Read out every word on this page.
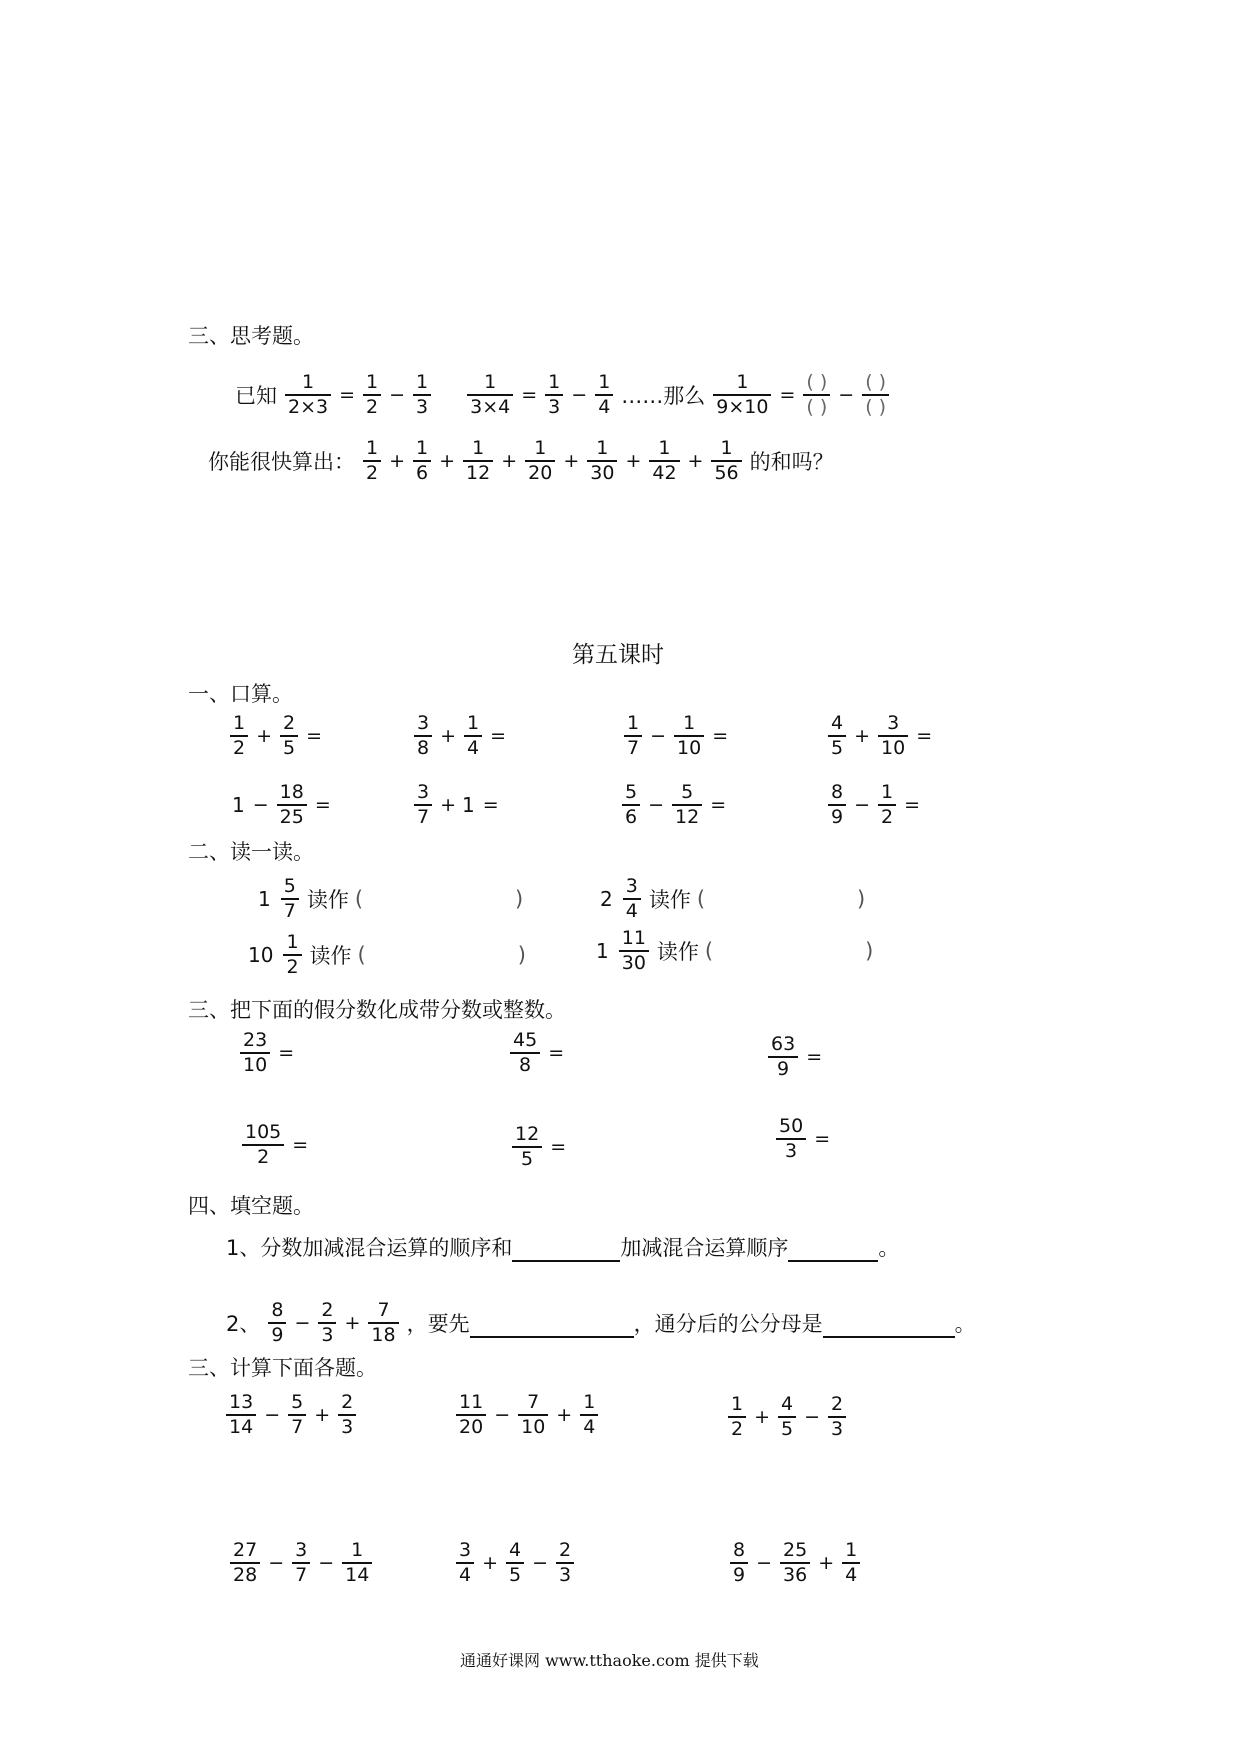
三、思考题。
已知 $\frac{1}{2\times 3} = \frac{1}{2} - \frac{1}{3} \frac{1}{3\times 4} = \frac{1}{3} - \frac{1}{4}$ ……那么 $\frac{1}{9\times 10} = \frac{( )}{( )} - \frac{( )}{( )}$
你能很快算出： $\frac{1}{2} + \frac{1}{6} + \frac{1}{12} + \frac{1}{20} + \frac{1}{30} + \frac{1}{42} + \frac{1}{56}$ 的和吗？
第五课时
一、口算。
$\frac{1}{2} + \frac{2}{5}$ =	$\frac{3}{8} + \frac{1}{4}$ =	$\frac{1}{7} - \frac{1}{10}$ =	$\frac{4}{5} + \frac{3}{10}$ =
$1 - \frac{18}{25}$ =	$\frac{3}{7} + 1$ =	$\frac{5}{6} - \frac{5}{12}$ =	$\frac{8}{9} - \frac{1}{2}$ =
二、读一读。
$1 \frac{5}{7}$ 读作 (	)	$2 \frac{3}{4}$ 读作 (	)
$10 \frac{1}{2}$ 读作 (	)	$1 \frac{11}{30}$ 读作 (	)
三、把下面的假分数化成带分数或整数。
$\frac{23}{10}$ =	$\frac{45}{8}$ =	$\frac{63}{9}$ =
$\frac{105}{2}$ =	$\frac{12}{5}$ =	$\frac{50}{3}$ =
四、填空题。
1、分数加减混合运算的顺序和	加减混合运算顺序	。
2、 $\frac{8}{9} - \frac{2}{3} + \frac{7}{18}$ ，要先	，通分后的公分母是	。
三、计算下面各题。
$\frac{13}{14} - \frac{5}{7} + \frac{2}{3}$	$\frac{11}{20} - \frac{7}{10} + \frac{1}{4}$	$\frac{1}{2} + \frac{4}{5} - \frac{2}{3}$
$\frac{27}{28} - \frac{3}{7} - \frac{1}{14}$	$\frac{3}{4} + \frac{4}{5} - \frac{2}{3}$	$\frac{8}{9} - \frac{25}{36} + \frac{1}{4}$
通通好课网 www.tthaoke.com 提供下载
